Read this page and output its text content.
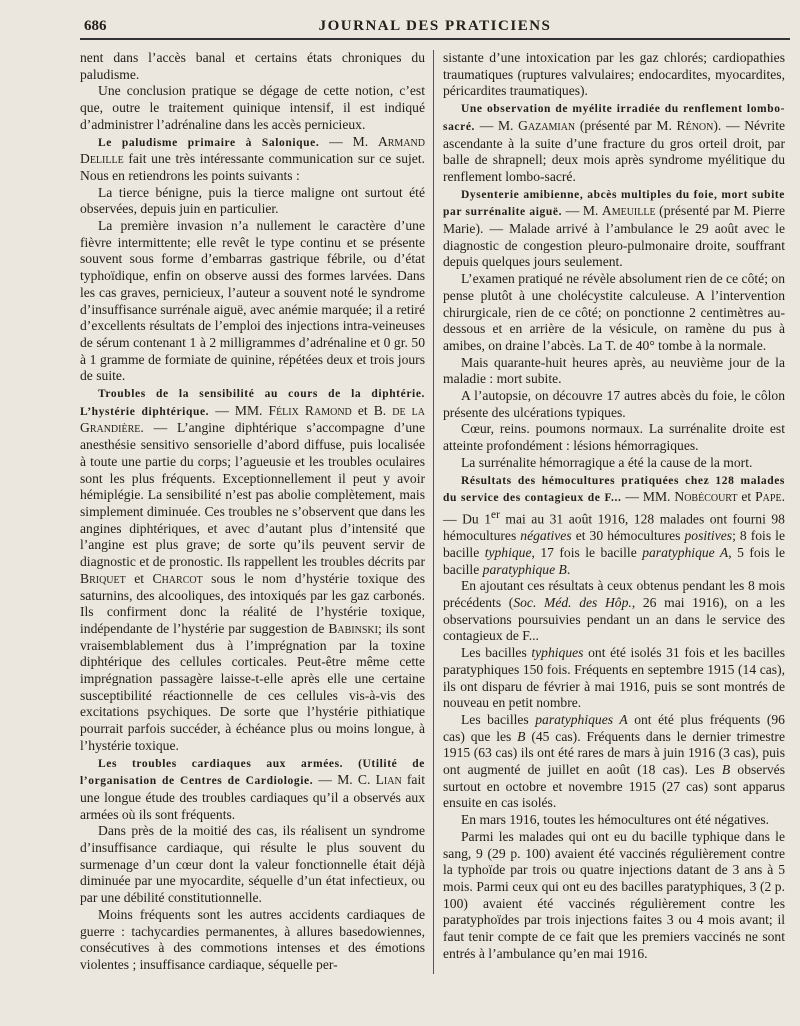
686	JOURNAL DES PRATICIENS

nent dans l’accès banal et certains états chroniques du paludisme.

Une conclusion pratique se dégage de cette notion, c’est que, outre le traitement quinique intensif, il est indiqué d’administrer l’adrénaline dans les accès pernicieux.

Le paludisme primaire à Salonique. — M. Armand Delille fait une très intéressante communication sur ce sujet. Nous en retiendrons les points suivants :

La tierce bénigne, puis la tierce maligne ont surtout été observées, depuis juin en particulier.

La première invasion n’a nullement le caractère d’une fièvre intermittente; elle revêt le type continu et se présente souvent sous forme d’embarras gastrique fébrile, ou d’état typhoïdique, enfin on observe aussi des formes larvées. Dans les cas graves, pernicieux, l’auteur a souvent noté le syndrome d’insuffisance surrénale aiguë, avec anémie marquée; il a retiré d’excellents résultats de l’emploi des injections intra-veineuses de sérum contenant 1 à 2 milligrammes d’adrénaline et 0 gr. 50 à 1 gramme de formiate de quinine, répétées deux et trois jours de suite.

Troubles de la sensibilité au cours de la diphtérie. L’hystérie diphtérique. — MM. Félix Ramond et B. de la Grandière. — L’angine diphtérique s’accompagne d’une anesthésie sensitivo sensorielle d’abord diffuse, puis localisée à toute une partie du corps; l’agueusie et les troubles oculaires sont les plus fréquents. Exceptionnellement il peut y avoir hémiplégie. La sensibilité n’est pas abolie complètement, mais simplement diminuée. Ces troubles ne s’observent que dans les angines diphtériques, et avec d’autant plus d’intensité que l’angine est plus grave; de sorte qu’ils peuvent servir de diagnostic et de pronostic. Ils rappellent les troubles décrits par Briquet et Charcot sous le nom d’hystérie toxique des saturnins, des alcooliques, des intoxiqués par les gaz carbonés. Ils confirment donc la réalité de l’hystérie toxique, indépendante de l’hystérie par suggestion de Babinski; ils sont vraisemblablement dus à l’imprégnation par la toxine diphtérique des cellules corticales. Peut-être même cette imprégnation passagère laisse-t-elle après elle une certaine susceptibilité réactionnelle de ces cellules vis-à-vis des excitations psychiques. De sorte que l’hystérie pithiatique pourrait parfois succéder, à échéance plus ou moins longue, à l’hystérie toxique.

Les troubles cardiaques aux armées. (Utilité de l’organisation de Centres de Cardiologie. — M. C. Lian fait une longue étude des troubles cardiaques qu’il a observés aux armées où ils sont fréquents.

Dans près de la moitié des cas, ils réalisent un syndrome d’insuffisance cardiaque, qui résulte le plus souvent du surmenage d’un cœur dont la valeur fonctionnelle était déjà diminuée par une myocardite, séquelle d’un état infectieux, ou par une débilité constitutionnelle.

Moins fréquents sont les autres accidents cardiaques de guerre : tachycardies permanentes, à allures basedowiennes, consécutives à des commotions intenses et des émotions violentes ; insuffisance cardiaque, séquelle per-

sistante d’une intoxication par les gaz chlorés; cardiopathies traumatiques (ruptures valvulaires; endocardites, myocardites, péricardites traumatiques).

Une observation de myélite irradiée du renflement lombo-sacré. — M. Gazamian (présenté par M. Rénon). — Névrite ascendante à la suite d’une fracture du gros orteil droit, par balle de shrapnell; deux mois après syndrome myélitique du renflement lombo-sacré.

Dysenterie amibienne, abcès multiples du foie, mort subite par surrénalite aiguë. — M. Ameuille (présenté par M. Pierre Marie). — Malade arrivé à l’ambulance le 29 août avec le diagnostic de congestion pleuro-pulmonaire droite, souffrant depuis quelques jours seulement.

L’examen pratiqué ne révèle absolument rien de ce côté; on pense plutôt à une cholécystite calculeuse. A l’intervention chirurgicale, rien de ce côté; on ponctionne 2 centimètres au-dessous et en arrière de la vésicule, on ramène du pus à amibes, on draine l’abcès. La T. de 40° tombe à la normale.

Mais quarante-huit heures après, au neuvième jour de la maladie : mort subite.

A l’autopsie, on découvre 17 autres abcès du foie, le côlon présente des ulcérations typiques.

Cœur, reins. poumons normaux. La surrénalite droite est atteinte profondément : lésions hémorragiques.

La surrénalite hémorragique a été la cause de la mort.

Résultats des hémocultures pratiquées chez 128 malades du service des contagieux de F... — MM. Nobécourt et Pape. — Du 1er mai au 31 août 1916, 128 malades ont fourni 98 hémocultures négatives et 30 hémocultures positives; 8 fois le bacille typhique, 17 fois le bacille paratyphique A, 5 fois le bacille paratyphique B.

En ajoutant ces résultats à ceux obtenus pendant les 8 mois précédents (Soc. Méd. des Hôp., 26 mai 1916), on a les observations poursuivies pendant un an dans le service des contagieux de F...

Les bacilles typhiques ont été isolés 31 fois et les bacilles paratyphiques 150 fois. Fréquents en septembre 1915 (14 cas), ils ont disparu de février à mai 1916, puis se sont montrés de nouveau en petit nombre.

Les bacilles paratyphiques A ont été plus fréquents (96 cas) que les B (45 cas). Fréquents dans le dernier trimestre 1915 (63 cas) ils ont été rares de mars à juin 1916 (3 cas), puis ont augmenté de juillet en août (18 cas). Les B observés surtout en octobre et novembre 1915 (27 cas) sont apparus ensuite en cas isolés.

En mars 1916, toutes les hémocultures ont été négatives.

Parmi les malades qui ont eu du bacille typhique dans le sang, 9 (29 p. 100) avaient été vaccinés régulièrement contre la typhoïde par trois ou quatre injections datant de 3 ans à 5 mois. Parmi ceux qui ont eu des bacilles paratyphiques, 3 (2 p. 100) avaient été vaccinés régulièrement contre les paratyphoïdes par trois injections faites 3 ou 4 mois avant; il faut tenir compte de ce fait que les premiers vaccinés ne sont entrés à l’ambulance qu’en mai 1916.
